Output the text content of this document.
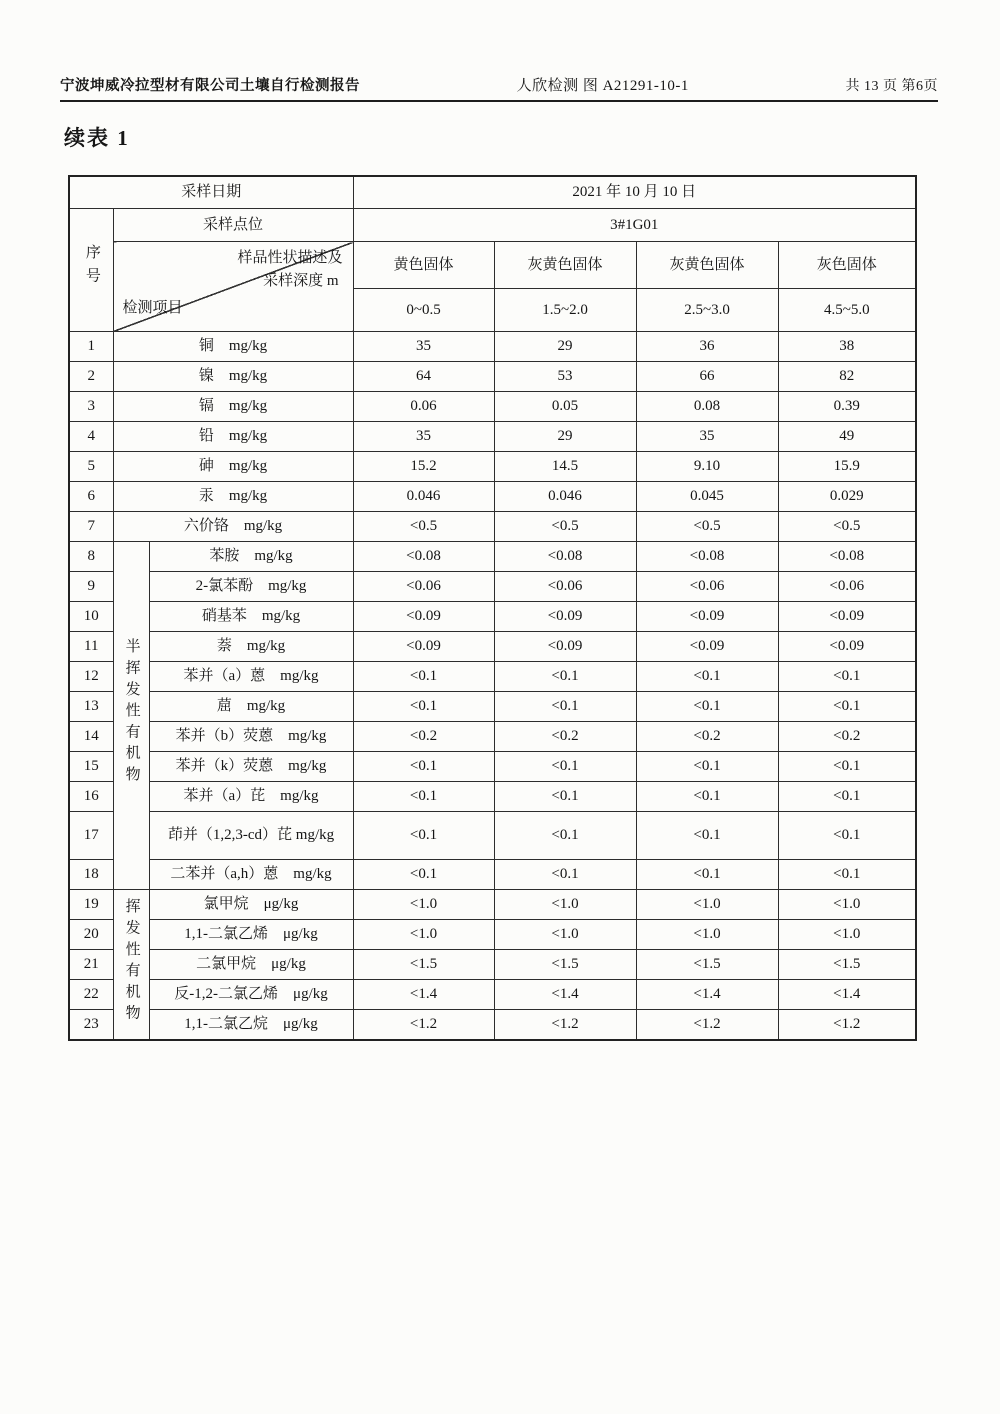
宁波坤威冷拉型材有限公司土壤自行检测报告	人欣检测 图 A21291-10-1	共 13 页 第6页
续表 1
采样日期			2021 年 10 月 10 日			
序号	采样点位		3#1G01			

	样品性状描述及
采样深度 m
检测项目		黄色固体	灰黄色固体	灰黄色固体	灰色固体
			0~0.5	1.5~2.0	2.5~3.0	4.5~5.0
1	铜　mg/kg		35	29	36	38
2	镍　mg/kg		64	53	66	82
3	镉　mg/kg		0.06	0.05	0.08	0.39
4	铅　mg/kg		35	29	35	49
5	砷　mg/kg		15.2	14.5	9.10	15.9
6	汞　mg/kg		0.046	0.046	0.045	0.029
7	六价铬　mg/kg		<0.5	<0.5	<0.5	<0.5
8	半挥发性有机物	苯胺　mg/kg	<0.08	<0.08	<0.08	<0.08
9		2-氯苯酚　mg/kg	<0.06	<0.06	<0.06	<0.06
10		硝基苯　mg/kg	<0.09	<0.09	<0.09	<0.09
11		萘　mg/kg	<0.09	<0.09	<0.09	<0.09
12		苯并（a）蒽　mg/kg	<0.1	<0.1	<0.1	<0.1
13		䓛　mg/kg	<0.1	<0.1	<0.1	<0.1
14		苯并（b）荧蒽　mg/kg	<0.2	<0.2	<0.2	<0.2
15		苯并（k）荧蒽　mg/kg	<0.1	<0.1	<0.1	<0.1
16		苯并（a）芘　mg/kg	<0.1	<0.1	<0.1	<0.1
17		茚并（1,2,3-cd）芘 mg/kg	<0.1	<0.1	<0.1	<0.1
18		二苯并（a,h）蒽　mg/kg	<0.1	<0.1	<0.1	<0.1
19	挥发性有机物	氯甲烷　μg/kg	<1.0	<1.0	<1.0	<1.0
20		1,1-二氯乙烯　μg/kg	<1.0	<1.0	<1.0	<1.0
21		二氯甲烷　μg/kg	<1.5	<1.5	<1.5	<1.5
22		反-1,2-二氯乙烯　μg/kg	<1.4	<1.4	<1.4	<1.4
23		1,1-二氯乙烷　μg/kg	<1.2	<1.2	<1.2	<1.2
